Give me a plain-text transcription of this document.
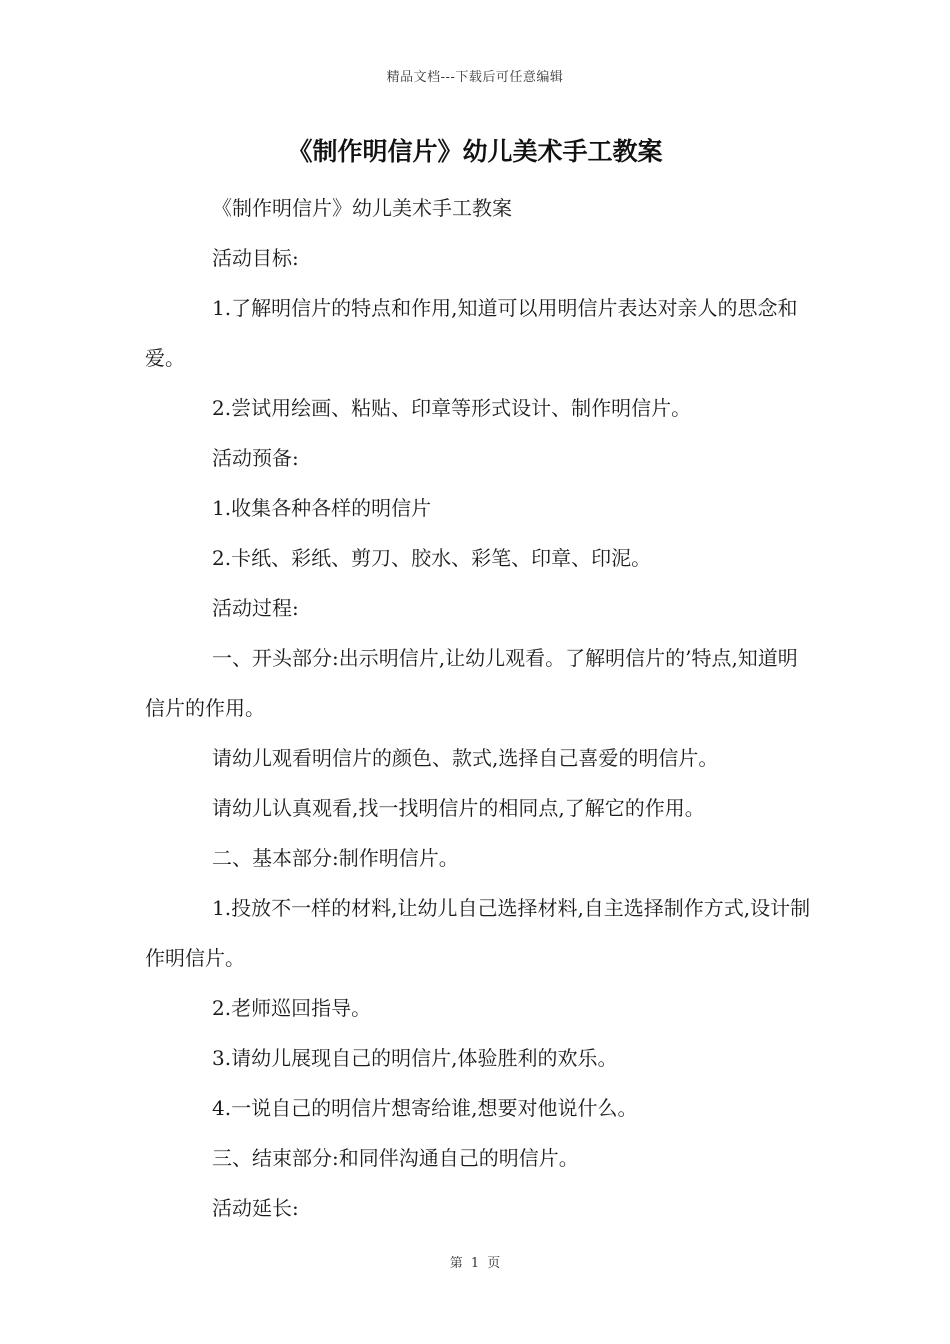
精品文档---下载后可任意编辑
《制作明信片》幼儿美术手工教案

《制作明信片》幼儿美术手工教案

活动目标:

1.了解明信片的特点和作用,知道可以用明信片表达对亲人的思念和爱。

2.尝试用绘画、粘贴、印章等形式设计、制作明信片。

活动预备:

1.收集各种各样的明信片

2.卡纸、彩纸、剪刀、胶水、彩笔、印章、印泥。

活动过程:

一、开头部分:出示明信片,让幼儿观看。了解明信片的’特点,知道明信片的作用。

请幼儿观看明信片的颜色、款式,选择自己喜爱的明信片。

请幼儿认真观看,找一找明信片的相同点,了解它的作用。

二、基本部分:制作明信片。

1.投放不一样的材料,让幼儿自己选择材料,自主选择制作方式,设计制作明信片。

2.老师巡回指导。

3.请幼儿展现自己的明信片,体验胜利的欢乐。

4.一说自己的明信片想寄给谁,想要对他说什么。

三、结束部分:和同伴沟通自己的明信片。

活动延长:

第 1 页
